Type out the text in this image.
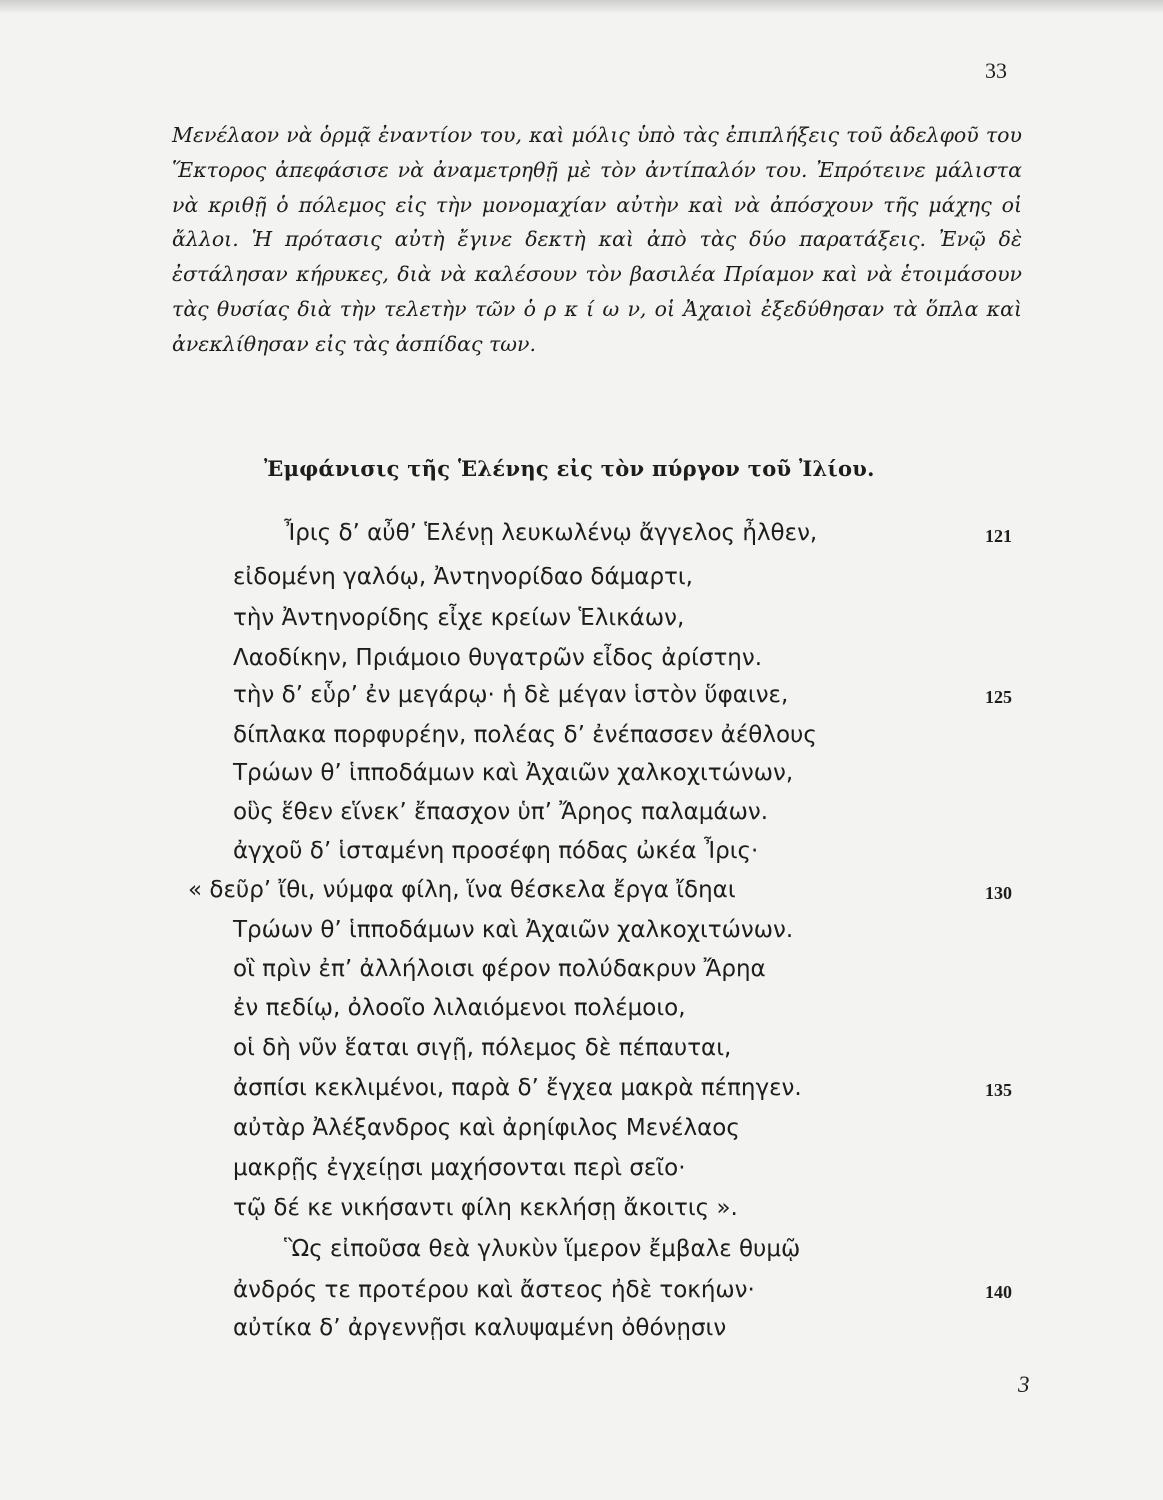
33

Μενέλαον νὰ ὁρμᾷ ἐναντίον του, καὶ μόλις ὑπὸ τὰς ἐπιπλήξεις τοῦ ἀδελφοῦ του Ἕκτορος ἀπεφάσισε νὰ ἀναμετρηθῇ μὲ τὸν ἀντίπαλόν του. Ἐπρότεινε μάλιστα νὰ κριθῇ ὁ πόλεμος εἰς τὴν μονομαχίαν αὐτὴν καὶ νὰ ἀπόσχουν τῆς μάχης οἱ ἄλλοι. Ἡ πρότασις αὐτὴ ἔγινε δεκτὴ καὶ ἀπὸ τὰς δύο παρατάξεις. Ἐνῷ δὲ ἐστάλησαν κήρυκες, διὰ νὰ καλέσουν τὸν βασιλέα Πρίαμον καὶ νὰ ἑτοιμάσουν τὰς θυσίας διὰ τὴν τελετὴν τῶν ὁ ρ κ ί ω ν, οἱ Ἀχαιοὶ ἐξεδύθησαν τὰ ὅπλα καὶ ἀνεκλίθησαν εἰς τὰς ἀσπίδας των.

Ἐμφάνισις τῆς Ἑλένης εἰς τὸν πύργον τοῦ Ἰλίου.
Ἶρις δ’ αὖθ’ Ἑλένῃ λευκωλένῳ ἄγγελος ἦλθεν,	121
εἰδομένη γαλόῳ, Ἀντηνορίδαο δάμαρτι,
τὴν Ἀντηνορίδης εἶχε κρείων Ἑλικάων,
Λαοδίκην, Πριάμοιο θυγατρῶν εἶδος ἀρίστην.
τὴν δ’ εὗρ’ ἐν μεγάρῳ· ἡ δὲ μέγαν ἱστὸν ὕφαινε,	125
δίπλακα πορφυρέην, πολέας δ’ ἐνέπασσεν ἀέθλους
Τρώων θ’ ἱπποδάμων καὶ Ἀχαιῶν χαλκοχιτώνων,
οὓς ἕθεν εἵνεκ’ ἔπασχον ὑπ’ Ἄρηος παλαμάων.
ἀγχοῦ δ’ ἱσταμένη προσέφη πόδας ὠκέα Ἶρις·
« δεῦρ’ ἴθι, νύμφα φίλη, ἵνα θέσκελα ἔργα ἴδηαι	130
Τρώων θ’ ἱπποδάμων καὶ Ἀχαιῶν χαλκοχιτώνων.
οἳ πρὶν ἐπ’ ἀλλήλοισι φέρον πολύδακρυν Ἄρηα
ἐν πεδίῳ, ὀλοοῖο λιλαιόμενοι πολέμοιο,
οἱ δὴ νῦν ἕαται σιγῇ, πόλεμος δὲ πέπαυται,
ἀσπίσι κεκλιμένοι, παρὰ δ’ ἔγχεα μακρὰ πέπηγεν.	135
αὐτὰρ Ἀλέξανδρος καὶ ἀρηίφιλος Μενέλαος
μακρῇς ἐγχείῃσι μαχήσονται περὶ σεῖο·
τῷ δέ κε νικήσαντι φίλη κεκλήσῃ ἄκοιτις ».
Ὣς εἰποῦσα θεὰ γλυκὺν ἵμερον ἔμβαλε θυμῷ
ἀνδρός τε προτέρου καὶ ἄστεος ἠδὲ τοκήων·	140
αὐτίκα δ’ ἀργεννῇσι καλυψαμένη ὀθόνῃσιν
3
